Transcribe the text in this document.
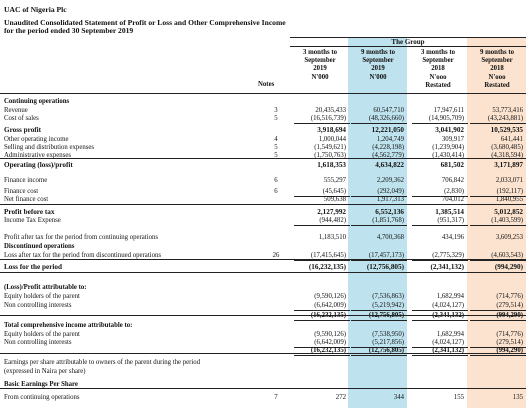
UAC of Nigeria Plc
Unaudited Consolidated Statement of Profit or Loss and Other Comprehensive Income
for the period ended 30 September 2019
The Group
3 months to
September
2019
N'000
9 months to
September
2019
N'000
3 months to
September
2018
N'ooo
Restated
9 months to
September
2018
N'ooo
Restated
Notes
Continuing operations
Revenue	3	20,435,433	60,547,710	17,947,611	53,773,416
Cost of sales	5	(16,516,739)	(48,326,660)	(14,905,709)	(43,243,881)
Gross profit	3,918,694	12,221,050	3,041,902	10,529,535
Other operating income	4	1,000,044	1,204,749	309,917	641,441
Selling and distribution expenses	5	(1,549,621)	(4,228,198)	(1,239,904)	(3,680,485)
Administrative expenses	5	(1,750,763)	(4,562,779)	(1,430,414)	(4,318,594)
Operating (loss)/profit	1,618,353	4,634,822	681,502	3,171,897
Finance income	6	555,297	2,209,362	706,842	2,033,071
Finance cost	6	(45,645)	(292,049)	(2,830)	(192,117)
Net finance cost	509,638	1,917,313	704,012	1,840,955
Profit before tax	2,127,992	6,552,136	1,385,514	5,012,852
Income Tax Expense	(944,482)	(1,851,768)	(951,317)	(1,403,599)
Profit after tax for the period from continuing operations	1,183,510	4,700,368	434,196	3,609,253
Discontinued operations
Loss after tax for the period from discontinued operations	26	(17,415,645)	(17,457,173)	(2,775,329)	(4,603,543)
Loss for the period	(16,232,135)	(12,756,805)	(2,341,132)	(994,290)
(Loss)/Profit attributable to:
Equity holders of the parent	(9,590,126)	(7,536,863)	1,682,994	(714,776)
Non controlling interests	(6,642,009)	(5,219,942)	(4,024,127)	(279,514)
(16,232,135)	(12,756,805)	(2,341,132)	(994,290)
Total comprehensive income attributable to:
Equity holders of the parent	(9,590,126)	(7,538,950)	1,682,994	(714,776)
Non controlling interests	(6,642,009)	(5,217,856)	(4,024,127)	(279,514)
(16,232,135)	(12,756,805)	(2,341,132)	(994,290)
Earnings per share attributable to owners of the parent during the period
(expressed in Naira per share)
Basic Earnings Per Share
From continuing operations	7	272	344	155	135
